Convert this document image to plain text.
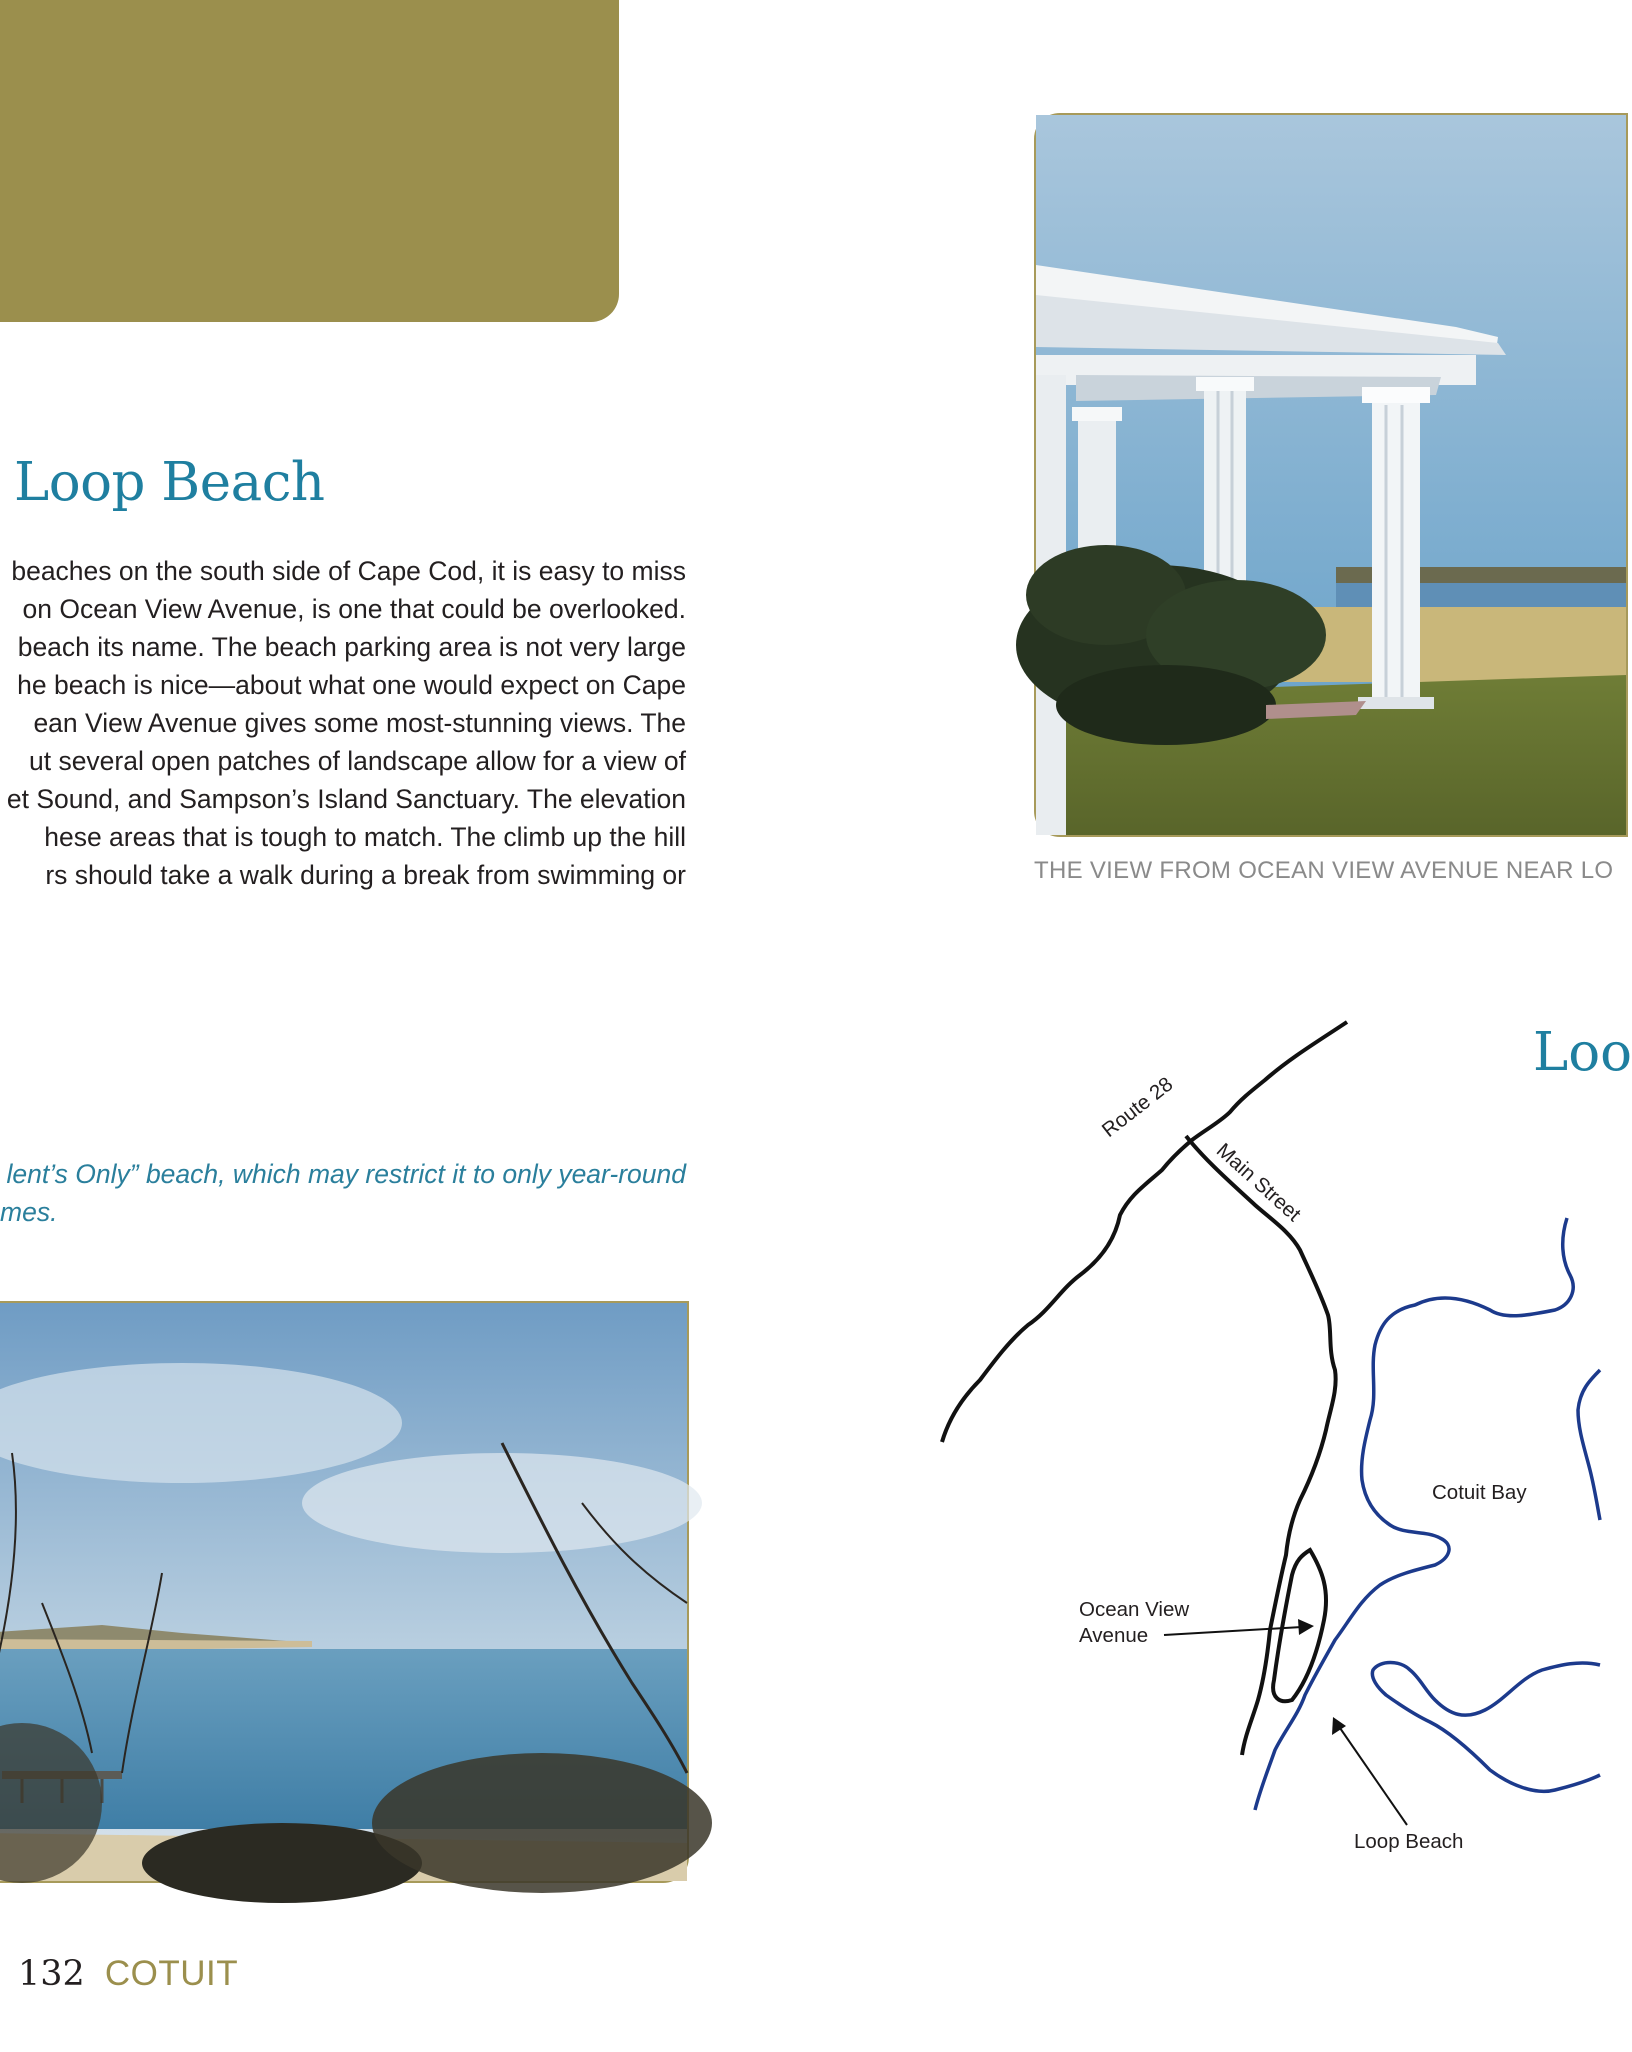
Loop Beach
beaches on the south side of Cape Cod, it is easy to miss
on Ocean View Avenue, is one that could be overlooked.
beach its name. The beach parking area is not very large
he beach is nice—about what one would expect on Cape
ean View Avenue gives some most-stunning views. The
ut several open patches of landscape allow for a view of
et Sound, and Sampson’s Island Sanctuary. The elevation
hese areas that is tough to match. The climb up the hill
rs should take a walk during a break from swimming or
lent’s Only” beach, which may restrict it to only year-round
mes.
THE VIEW FROM OCEAN VIEW AVENUE NEAR LO
Loo
Route 28
Main Street
Cotuit Bay
Ocean View
Avenue
Loop Beach
132 COTUIT
